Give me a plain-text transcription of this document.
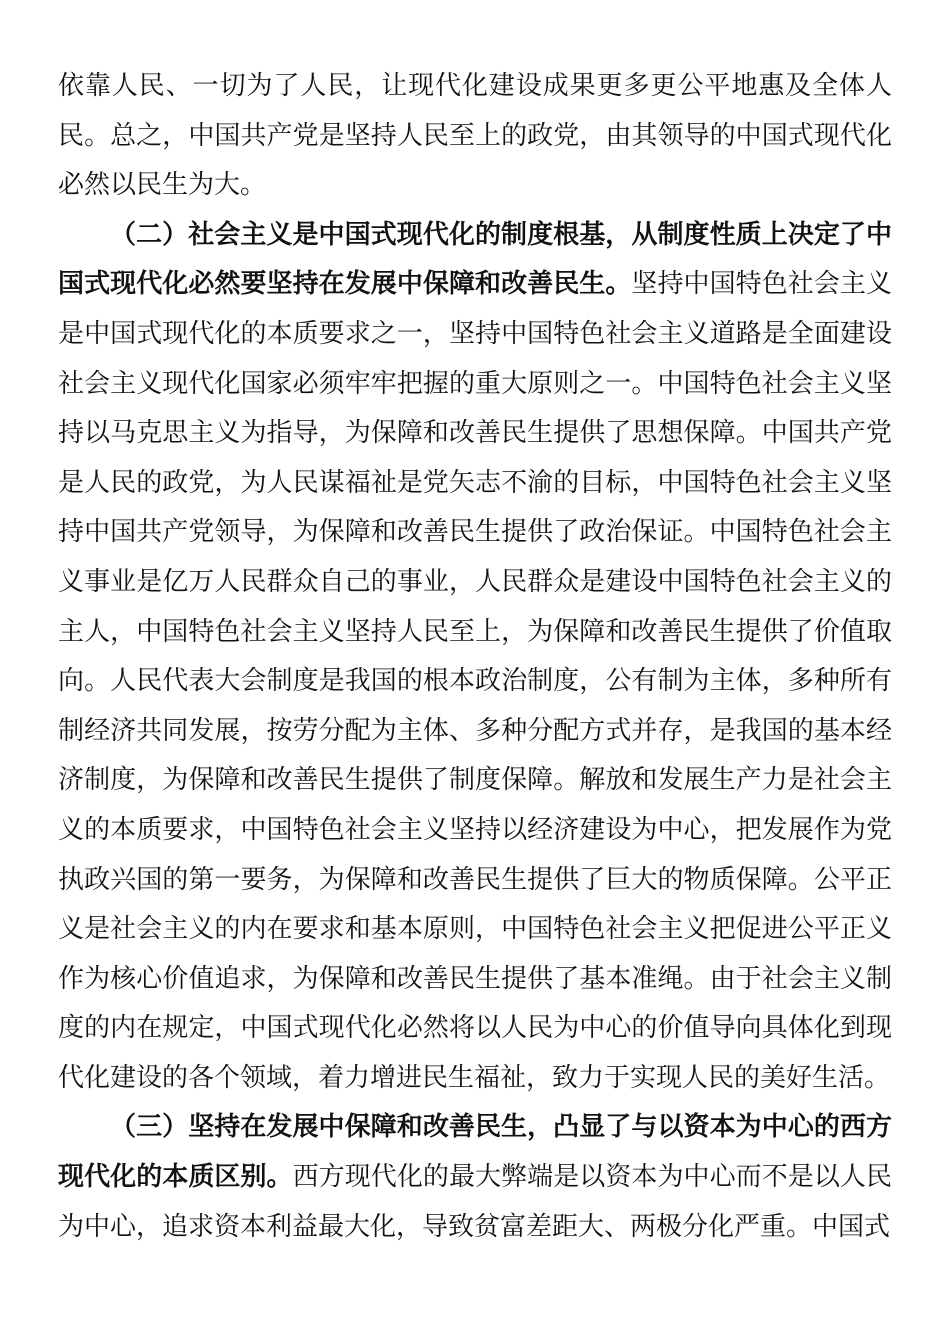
依靠人民、一切为了人民，让现代化建设成果更多更公平地惠及全体人民。总之，中国共产党是坚持人民至上的政党，由其领导的中国式现代化必然以民生为大。

（二）社会主义是中国式现代化的制度根基，从制度性质上决定了中国式现代化必然要坚持在发展中保障和改善民生。坚持中国特色社会主义是中国式现代化的本质要求之一，坚持中国特色社会主义道路是全面建设社会主义现代化国家必须牢牢把握的重大原则之一。中国特色社会主义坚持以马克思主义为指导，为保障和改善民生提供了思想保障。中国共产党是人民的政党，为人民谋福祉是党矢志不渝的目标，中国特色社会主义坚持中国共产党领导，为保障和改善民生提供了政治保证。中国特色社会主义事业是亿万人民群众自己的事业，人民群众是建设中国特色社会主义的主人，中国特色社会主义坚持人民至上，为保障和改善民生提供了价值取向。人民代表大会制度是我国的根本政治制度，公有制为主体，多种所有制经济共同发展，按劳分配为主体、多种分配方式并存，是我国的基本经济制度，为保障和改善民生提供了制度保障。解放和发展生产力是社会主义的本质要求，中国特色社会主义坚持以经济建设为中心，把发展作为党执政兴国的第一要务，为保障和改善民生提供了巨大的物质保障。公平正义是社会主义的内在要求和基本原则，中国特色社会主义把促进公平正义作为核心价值追求，为保障和改善民生提供了基本准绳。由于社会主义制度的内在规定，中国式现代化必然将以人民为中心的价值导向具体化到现代化建设的各个领域，着力增进民生福祉，致力于实现人民的美好生活。

（三）坚持在发展中保障和改善民生，凸显了与以资本为中心的西方现代化的本质区别。西方现代化的最大弊端是以资本为中心而不是以人民为中心，追求资本利益最大化，导致贫富差距大、两极分化严重。中国式
